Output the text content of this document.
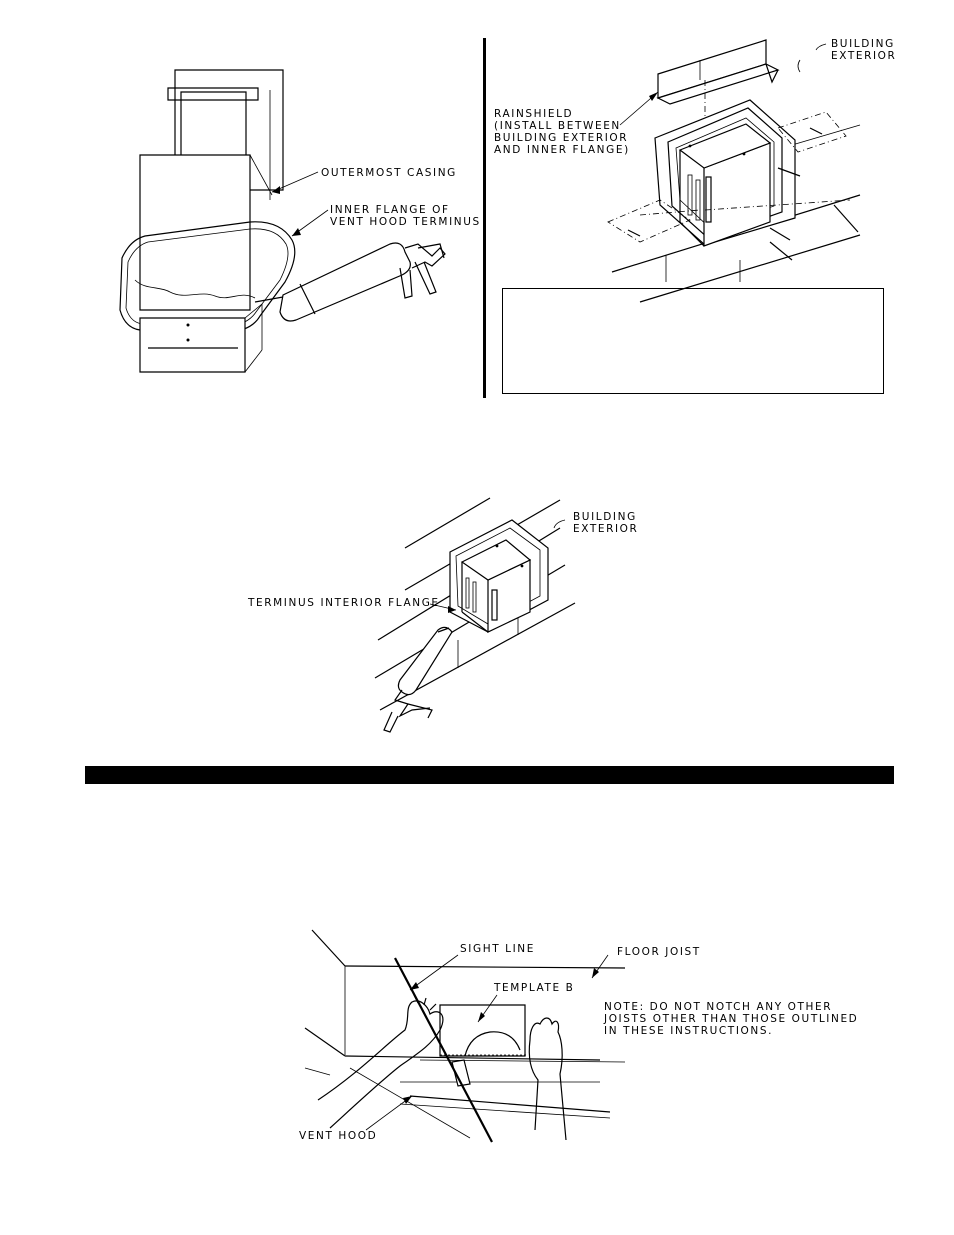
OUTERMOST CASING
INNER FLANGE OF
VENT HOOD TERMINUS
BUILDING
EXTERIOR
RAINSHIELD
(INSTALL BETWEEN
BUILDING EXTERIOR
AND INNER FLANGE)
BUILDING
EXTERIOR
TERMINUS INTERIOR FLANGE
SIGHT LINE	FLOOR JOIST
TEMPLATE B
NOTE: DO NOT NOTCH ANY OTHER
JOISTS OTHER THAN THOSE OUTLINED
IN THESE INSTRUCTIONS.
VENT HOOD
